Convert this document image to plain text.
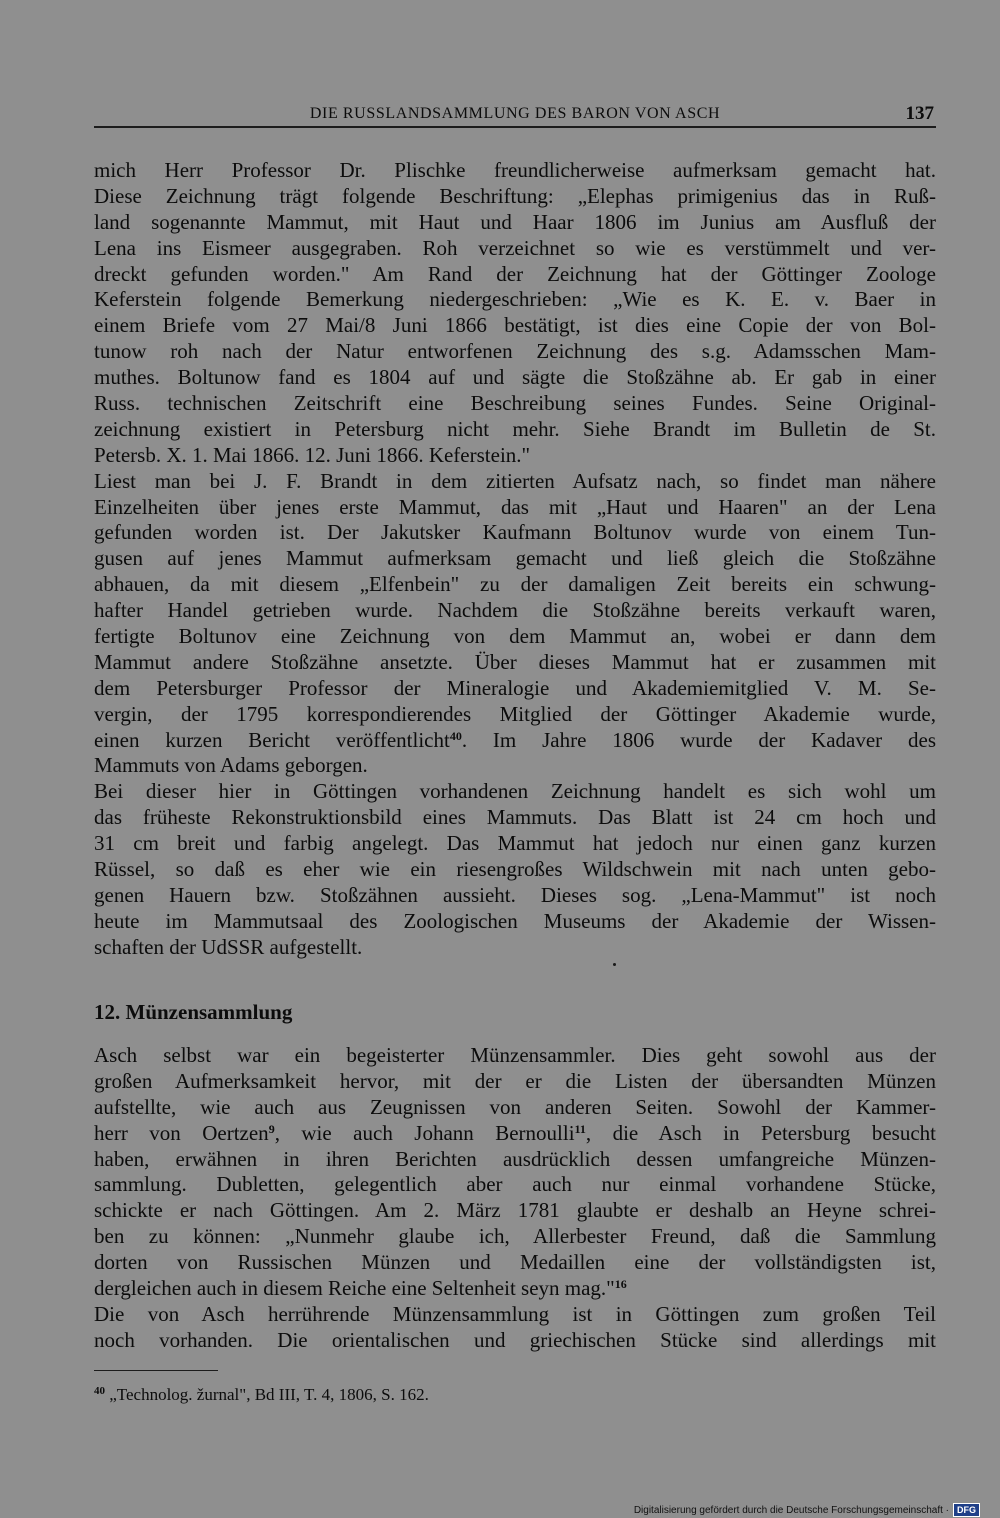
DIE RUSSLANDSAMMLUNG DES BARON VON ASCH	137
mich Herr Professor Dr. Plischke freundlicherweise aufmerksam gemacht hat.
Diese Zeichnung trägt folgende Beschriftung: „Elephas primigenius das in Ruß-
land sogenannte Mammut, mit Haut und Haar 1806 im Junius am Ausfluß der
Lena ins Eismeer ausgegraben. Roh verzeichnet so wie es verstümmelt und ver-
dreckt gefunden worden." Am Rand der Zeichnung hat der Göttinger Zoologe
Keferstein folgende Bemerkung niedergeschrieben: „Wie es K. E. v. Baer in
einem Briefe vom 27 Mai/8 Juni 1866 bestätigt, ist dies eine Copie der von Bol-
tunow roh nach der Natur entworfenen Zeichnung des s.g. Adamsschen Mam-
muthes. Boltunow fand es 1804 auf und sägte die Stoßzähne ab. Er gab in einer
Russ. technischen Zeitschrift eine Beschreibung seines Fundes. Seine Original-
zeichnung existiert in Petersburg nicht mehr. Siehe Brandt im Bulletin de St.
Petersb. X. 1. Mai 1866. 12. Juni 1866. Keferstein."
Liest man bei J. F. Brandt in dem zitierten Aufsatz nach, so findet man nähere
Einzelheiten über jenes erste Mammut, das mit „Haut und Haaren" an der Lena
gefunden worden ist. Der Jakutsker Kaufmann Boltunov wurde von einem Tun-
gusen auf jenes Mammut aufmerksam gemacht und ließ gleich die Stoßzähne
abhauen, da mit diesem „Elfenbein" zu der damaligen Zeit bereits ein schwung-
hafter Handel getrieben wurde. Nachdem die Stoßzähne bereits verkauft waren,
fertigte Boltunov eine Zeichnung von dem Mammut an, wobei er dann dem
Mammut andere Stoßzähne ansetzte. Über dieses Mammut hat er zusammen mit
dem Petersburger Professor der Mineralogie und Akademiemitglied V. M. Se-
vergin, der 1795 korrespondierendes Mitglied der Göttinger Akademie wurde,
einen kurzen Bericht veröffentlicht$^{40}$. Im Jahre 1806 wurde der Kadaver des
Mammuts von Adams geborgen.
Bei dieser hier in Göttingen vorhandenen Zeichnung handelt es sich wohl um
das früheste Rekonstruktionsbild eines Mammuts. Das Blatt ist 24 cm hoch und
31 cm breit und farbig angelegt. Das Mammut hat jedoch nur einen ganz kurzen
Rüssel, so daß es eher wie ein riesengroßes Wildschwein mit nach unten gebo-
genen Hauern bzw. Stoßzähnen aussieht. Dieses sog. „Lena-Mammut" ist noch
heute im Mammutsaal des Zoologischen Museums der Akademie der Wissen-
schaften der UdSSR aufgestellt.
12. Münzensammlung
Asch selbst war ein begeisterter Münzensammler. Dies geht sowohl aus der
großen Aufmerksamkeit hervor, mit der er die Listen der übersandten Münzen
aufstellte, wie auch aus Zeugnissen von anderen Seiten. Sowohl der Kammer-
herr von Oertzen$^9$, wie auch Johann Bernoulli$^{11}$, die Asch in Petersburg besucht
haben, erwähnen in ihren Berichten ausdrücklich dessen umfangreiche Münzen-
sammlung. Dubletten, gelegentlich aber auch nur einmal vorhandene Stücke,
schickte er nach Göttingen. Am 2. März 1781 glaubte er deshalb an Heyne schrei-
ben zu können: „Nunmehr glaube ich, Allerbester Freund, daß die Sammlung
dorten von Russischen Münzen und Medaillen eine der vollständigsten ist,
dergleichen auch in diesem Reiche eine Seltenheit seyn mag."$^{16}$
Die von Asch herrührende Münzensammlung ist in Göttingen zum großen Teil
noch vorhanden. Die orientalischen und griechischen Stücke sind allerdings mit
$^{40}$ „Technolog. žurnal", Bd III, T. 4, 1806, S. 162.
Digitalisierung gefördert durch die Deutsche Forschungsgemeinschaft · DFG
